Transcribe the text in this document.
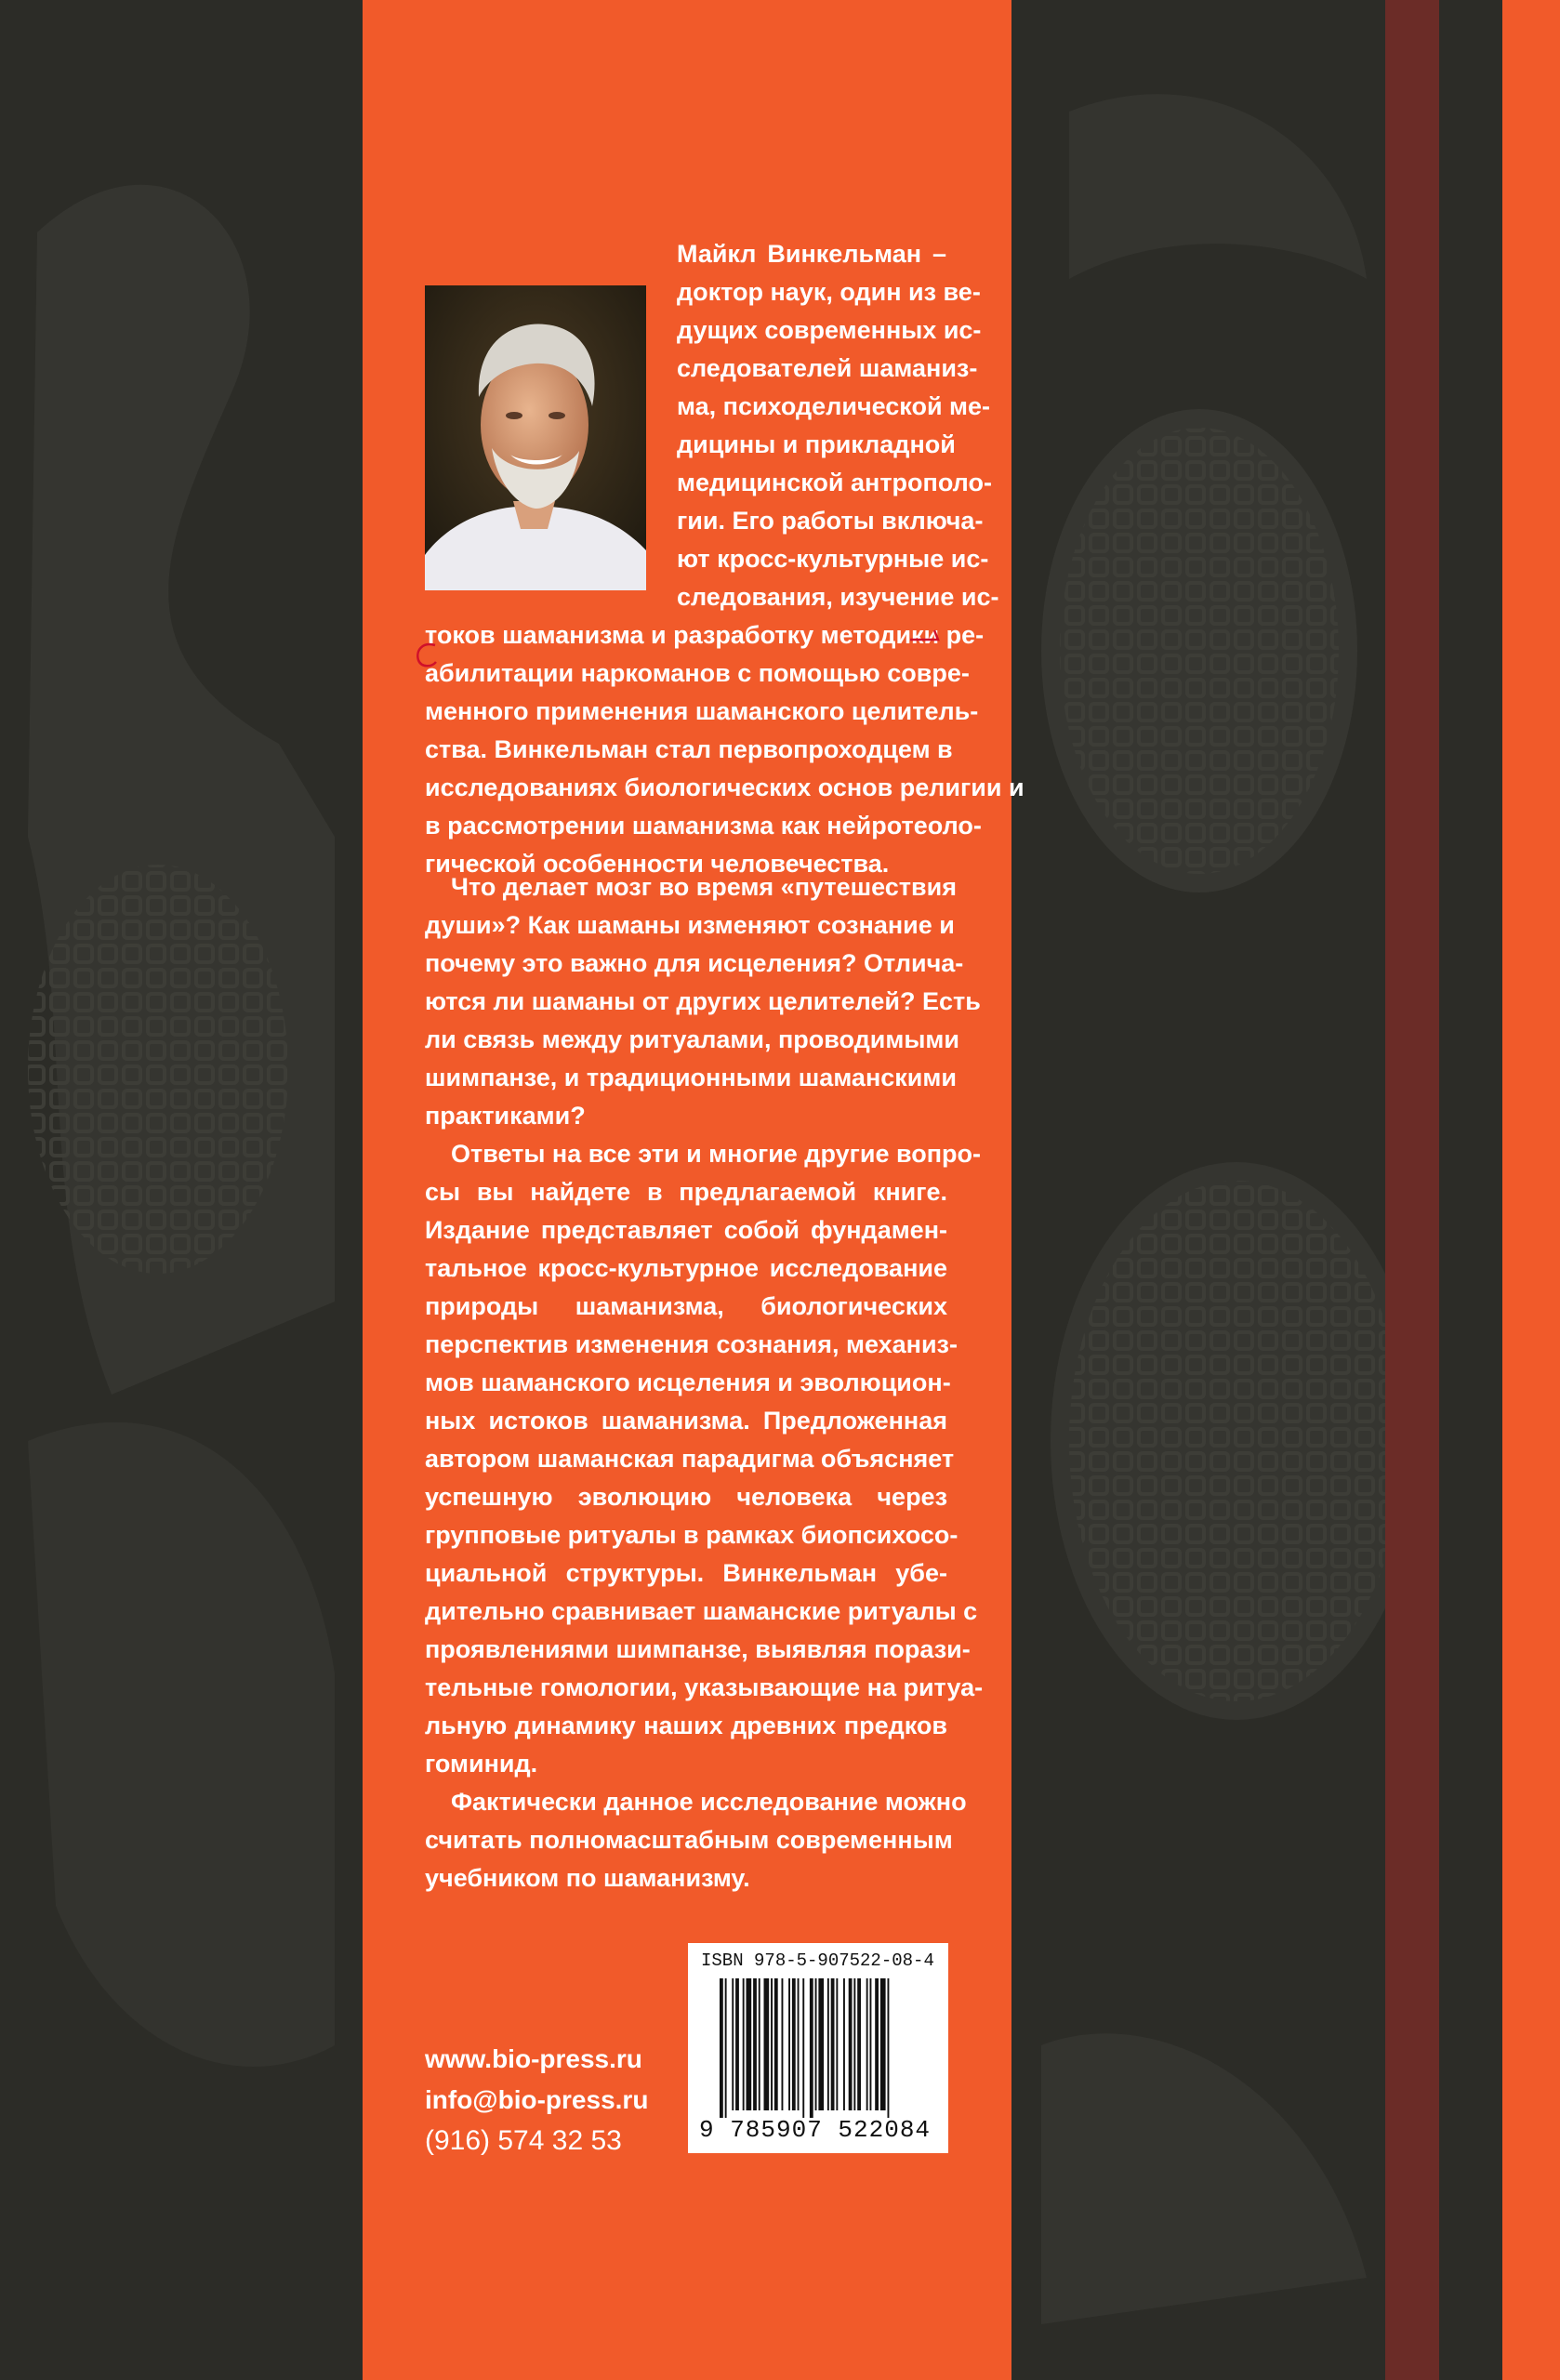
Майкл Винкельман –
доктор наук, один из ве-
дущих современных ис-
следователей шаманиз-
ма, психоделической ме-
дицины и прикладной
медицинской антрополо-
гии. Его работы включа-
ют кросс-культурные ис-
следования, изучение ис-
токов шаманизма и разработку методики ре-
абилитации наркоманов с помощью совре-
менного применения шаманского целитель-
ства. Винкельман стал первопроходцем в
исследованиях биологических основ религии и
в рассмотрении шаманизма как нейротеоло-
гической особенности человечества.
Что делает мозг во время «путешествия
души»? Как шаманы изменяют сознание и
почему это важно для исцеления? Отлича-
ются ли шаманы от других целителей? Есть
ли связь между ритуалами, проводимыми
шимпанзе, и традиционными шаманскими
практиками?
Ответы на все эти и многие другие вопро-
сы вы найдете в предлагаемой книге.
Издание представляет собой фундамен-
тальное кросс-культурное исследование
природы шаманизма, биологических
перспектив изменения сознания, механиз-
мов шаманского исцеления и эволюцион-
ных истоков шаманизма. Предложенная
автором шаманская парадигма объясняет
успешную эволюцию человека через
групповые ритуалы в рамках биопсихосо-
циальной структуры. Винкельман убе-
дительно сравнивает шаманские ритуалы с
проявлениями шимпанзе, выявляя порази-
тельные гомологии, указывающие на ритуа-
льную динамику наших древних предков
гоминид.
Фактически данное исследование можно
считать полномасштабным современным
учебником по шаманизму.
www.bio-press.ru
info@bio-press.ru
(916) 574 32 53
ISBN 978-5-907522-08-4
9 785907 522084
